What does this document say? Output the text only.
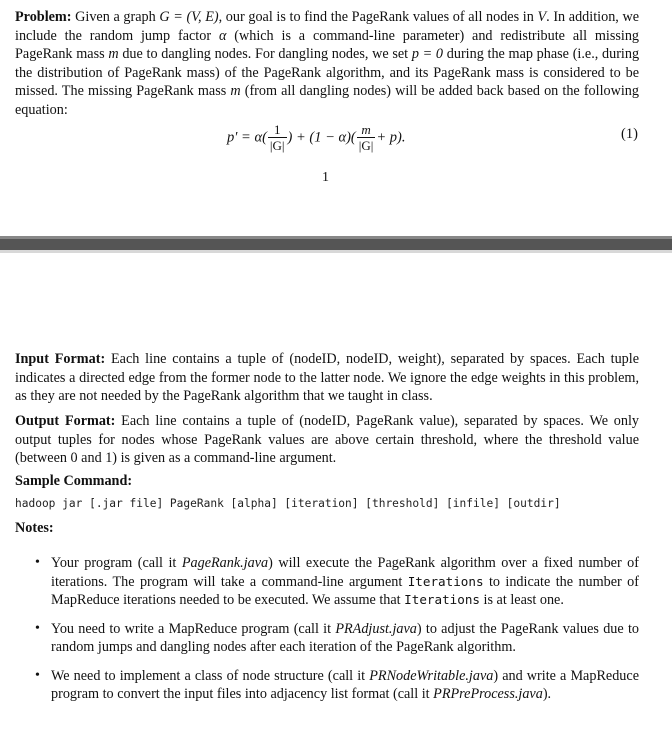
Problem: Given a graph G = (V, E), our goal is to find the PageRank values of all nodes in V. In addition, we include the random jump factor α (which is a command-line parameter) and redistribute all missing PageRank mass m due to dangling nodes. For dangling nodes, we set p = 0 during the map phase (i.e., during the distribution of PageRank mass) of the PageRank algorithm, and its PageRank mass is considered to be missed. The missing PageRank mass m (from all dangling nodes) will be added back based on the following equation:

$p' = \alpha( \frac{1}{|G|}$ ) + $(1 - \alpha)( \frac{m}{|G|} + p)$.	(1)
1

Input Format: Each line contains a tuple of (nodeID, nodeID, weight), separated by spaces. Each tuple indicates a directed edge from the former node to the latter node. We ignore the edge weights in this problem, as they are not needed by the PageRank algorithm that we taught in class.

Output Format: Each line contains a tuple of (nodeID, PageRank value), separated by spaces. We only output tuples for nodes whose PageRank values are above certain threshold, where the threshold value (between 0 and 1) is given as a command-line argument.

Sample Command:

hadoop jar [.jar file] PageRank [alpha] [iteration] [threshold] [infile] [outdir]

Notes:

• Your program (call it PageRank.java) will execute the PageRank algorithm over a fixed number of iterations. The program will take a command-line argument Iterations to indicate the number of MapReduce iterations needed to be executed. We assume that Iterations is at least one.

• You need to write a MapReduce program (call it PRAdjust.java) to adjust the PageRank values due to random jumps and dangling nodes after each iteration of the PageRank algorithm.

• We need to implement a class of node structure (call it PRNodeWritable.java) and write a MapReduce program to convert the input files into adjacency list format (call it PRPreProcess.java).
